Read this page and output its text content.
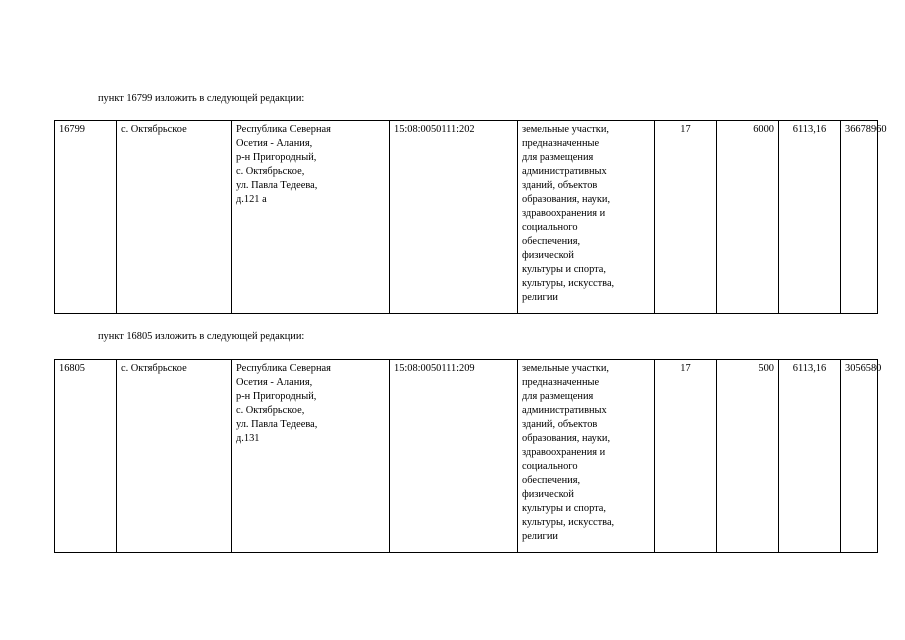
пункт 16799 изложить в следующей редакции:
16799	с. Октябрьское	Республика Северная
Осетия - Алания,
р-н Пригородный,
с. Октябрьское,
ул. Павла Тедеева,
д.121 а
	15:08:0050111:202	земельные участки,
предназначенные
для размещения
административных
зданий, объектов
образования, науки,
здравоохранения и
социального
обеспечения,
физической
культуры и спорта,
культуры, искусства,
религии
	17	6000	6113,16	36678960
пункт 16805 изложить в следующей редакции:
16805	с. Октябрьское	Республика Северная
Осетия - Алания,
р-н Пригородный,
с. Октябрьское,
ул. Павла Тедеева,
д.131
	15:08:0050111:209	земельные участки,
предназначенные
для размещения
административных
зданий, объектов
образования, науки,
здравоохранения и
социального
обеспечения,
физической
культуры и спорта,
культуры, искусства,
религии
	17	500	6113,16	3056580
